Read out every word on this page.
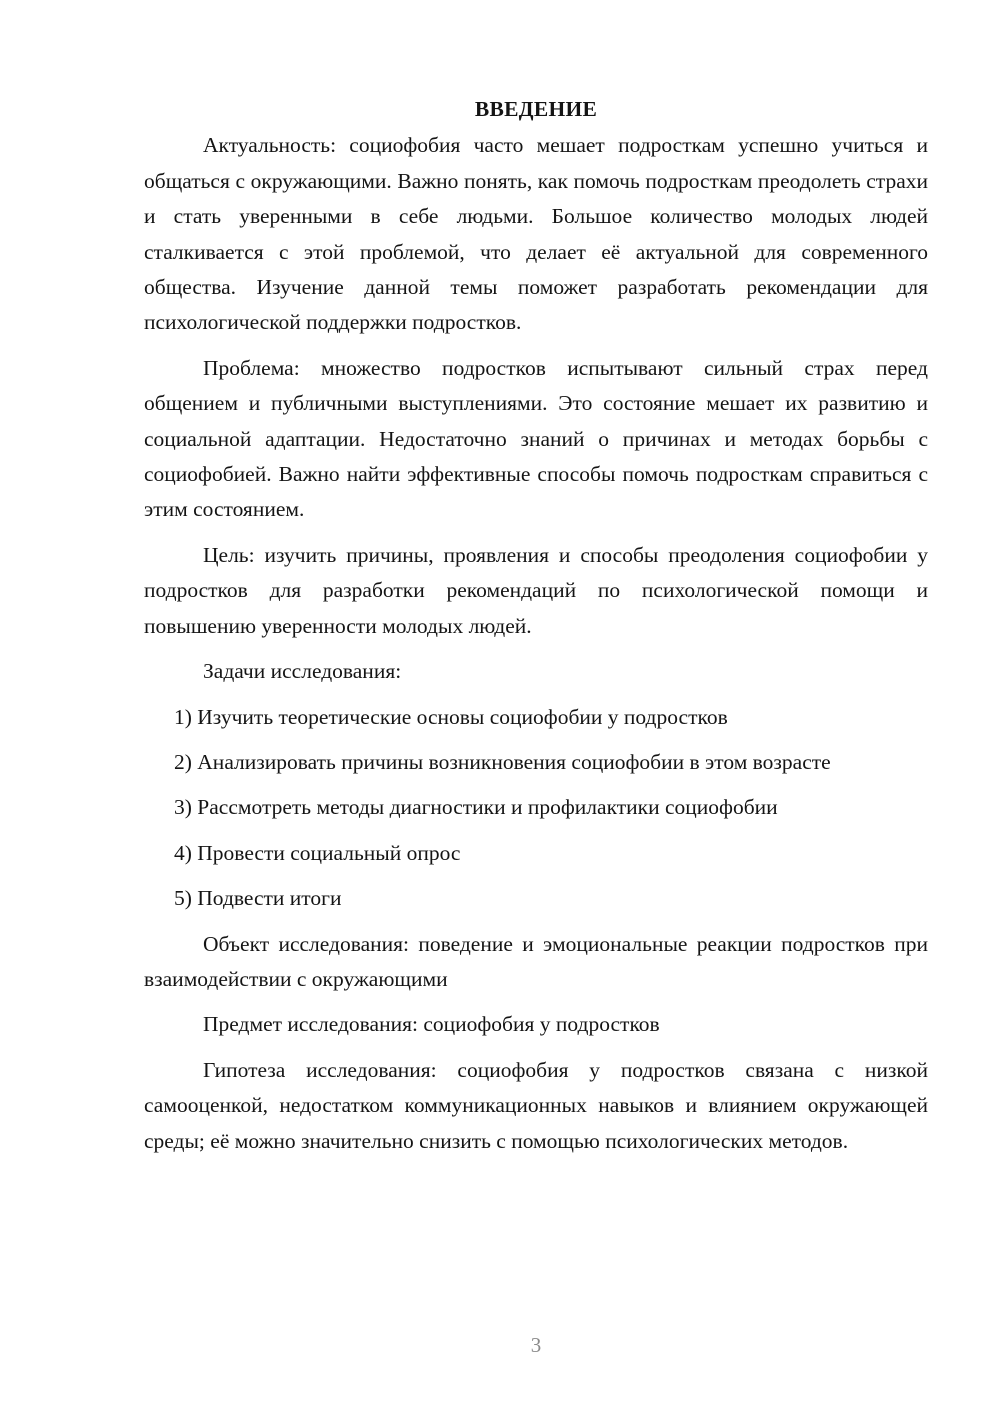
ВВЕДЕНИЕ

Актуальность: социофобия часто мешает подросткам успешно учиться и общаться с окружающими. Важно понять, как помочь подросткам преодолеть страхи и стать уверенными в себе людьми. Большое количество молодых людей сталкивается с этой проблемой, что делает её актуальной для современного общества. Изучение данной темы поможет разработать рекомендации для психологической поддержки подростков.

Проблема: множество подростков испытывают сильный страх перед общением и публичными выступлениями. Это состояние мешает их развитию и социальной адаптации. Недостаточно знаний о причинах и методах борьбы с социофобией. Важно найти эффективные способы помочь подросткам справиться с этим состоянием.

Цель: изучить причины, проявления и способы преодоления социофобии у подростков для разработки рекомендаций по психологической помощи и повышению уверенности молодых людей.

Задачи исследования:

1) Изучить теоретические основы социофобии у подростков

2) Анализировать причины возникновения социофобии в этом возрасте

3) Рассмотреть методы диагностики и профилактики социофобии

4) Провести социальный опрос

5) Подвести итоги

Объект исследования: поведение и эмоциональные реакции подростков при взаимодействии с окружающими

Предмет исследования: социофобия у подростков

Гипотеза исследования: социофобия у подростков связана с низкой самооценкой, недостатком коммуникационных навыков и влиянием окружающей среды; её можно значительно снизить с помощью психологических методов.

3
